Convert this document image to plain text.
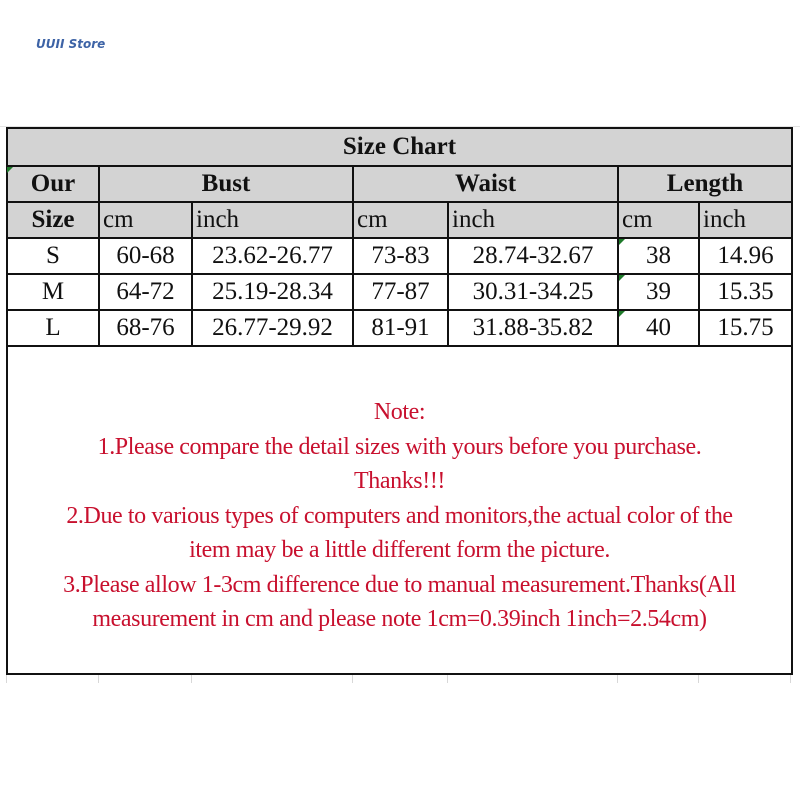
UUII Store
Size Chart						
Our	Bust		Waist		Length	
Size	cm	inch	cm	inch	cm	inch
S	60-68	23.62-26.77	73-83	28.74-32.67	38	14.96
M	64-72	25.19-28.34	77-87	30.31-34.25	39	15.35
L	68-76	26.77-29.92	81-91	31.88-35.82	40	15.75

Note:
1.Please compare the detail sizes with yours before you purchase.
Thanks!!!
2.Due to various types of computers and monitors,the actual color of the
item may be a little different form the picture.
3.Please allow 1-3cm difference due to manual measurement.Thanks(All
measurement in cm and please note 1cm=0.39inch 1inch=2.54cm)
